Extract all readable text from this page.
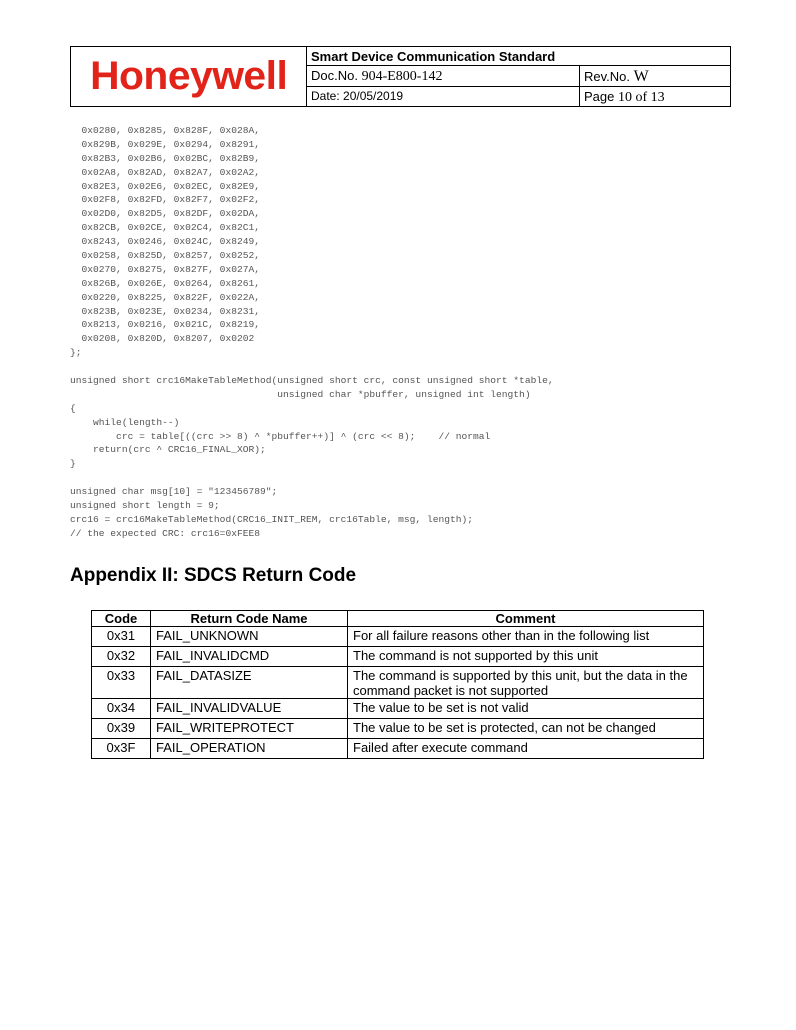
Honeywell	Smart Device Communication Standard
Doc.No. 904-E800-142	Rev.No. W
Date: 20/05/2019	Page 10 of 13
0x0280, 0x8285, 0x828F, 0x028A,
0x829B, 0x029E, 0x0294, 0x8291,
0x82B3, 0x02B6, 0x02BC, 0x82B9,
0x02A8, 0x82AD, 0x82A7, 0x02A2,
0x82E3, 0x02E6, 0x02EC, 0x82E9,
0x02F8, 0x82FD, 0x82F7, 0x02F2,
0x02D0, 0x82D5, 0x82DF, 0x02DA,
0x82CB, 0x02CE, 0x02C4, 0x82C1,
0x8243, 0x0246, 0x024C, 0x8249,
0x0258, 0x825D, 0x8257, 0x0252,
0x0270, 0x8275, 0x827F, 0x027A,
0x826B, 0x026E, 0x0264, 0x8261,
0x0220, 0x8225, 0x822F, 0x022A,
0x823B, 0x023E, 0x0234, 0x8231,
0x8213, 0x0216, 0x021C, 0x8219,
0x0208, 0x820D, 0x8207, 0x0202
};
unsigned short crc16MakeTableMethod(unsigned short crc, const unsigned short *table,
unsigned char *pbuffer, unsigned int length)
{
while(length--)
crc = table[((crc >> 8) ^ *pbuffer++)] ^ (crc << 8);    // normal
return(crc ^ CRC16_FINAL_XOR);
}
unsigned char msg[10] = "123456789";
unsigned short length = 9;
crc16 = crc16MakeTableMethod(CRC16_INIT_REM, crc16Table, msg, length);
// the expected CRC: crc16=0xFEE8
Appendix II: SDCS Return Code
Code	Return Code Name	Comment
0x31	FAIL_UNKNOWN	For all failure reasons other than in the following list
0x32	FAIL_INVALIDCMD	The command is not supported by this unit
0x33	FAIL_DATASIZE	The command is supported by this unit, but the data in the command packet is not supported
0x34	FAIL_INVALIDVALUE	The value to be set is not valid
0x39	FAIL_WRITEPROTECT	The value to be set is protected, can not be changed
0x3F	FAIL_OPERATION	Failed after execute command
